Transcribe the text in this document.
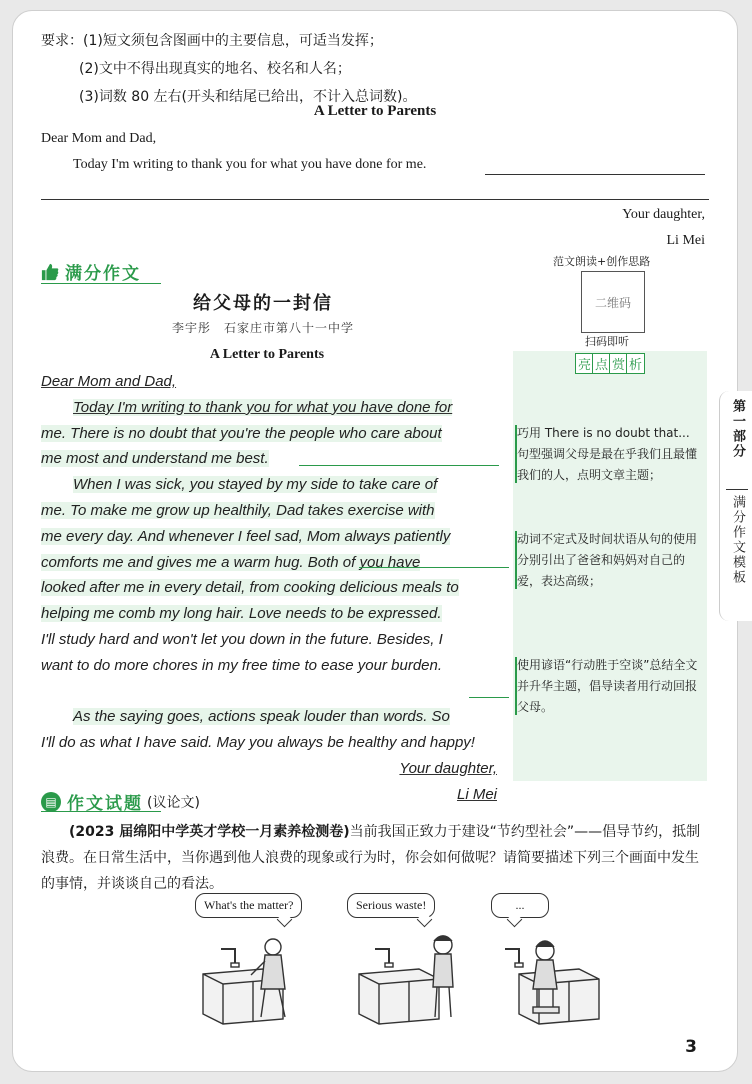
要求：(1)短文须包含图画中的主要信息，可适当发挥；
(2)文中不得出现真实的地名、校名和人名；
(3)词数 80 左右(开头和结尾已给出，不计入总词数)。
A Letter to Parents
Dear Mom and Dad,
Today I'm writing to thank you for what you have done for me.
Your daughter,
Li Mei
满分作文
范文朗读+创作思路
二维码
扫码即听
给父母的一封信
李宇彤　石家庄市第八十一中学
A Letter to Parents
亮 点 赏 析
Dear Mom and Dad,
Today I'm writing to thank you for what you have done for
me. There is no doubt that you're the people who care about
me most and understand me best.
When I was sick, you stayed by my side to take care of
me. To make me grow up healthily, Dad takes exercise with
me every day. And whenever I feel sad, Mom always patiently
comforts me and gives me a warm hug. Both of you have
looked after me in every detail, from cooking delicious meals to
helping me comb my long hair. Love needs to be expressed.
I'll study hard and won't let you down in the future. Besides, I
want to do more chores in my free time to ease your burden.
As the saying goes, actions speak louder than words. So
I'll do as what I have said. May you always be healthy and happy!
Your daughter,
Li Mei
巧用 There is no doubt that... 句型强调父母是最在乎我们且最懂我们的人，点明文章主题；
动词不定式及时间状语从句的使用分别引出了爸爸和妈妈对自己的爱，表达高级；
使用谚语“行动胜于空谈”总结全文并升华主题，倡导读者用行动回报父母。
第一部分
满分作文模板
▤ 作文试题 (议论文)
(2023 届绵阳中学英才学校一月素养检测卷)当前我国正致力于建设“节约型社会”——倡导节约，抵制浪费。在日常生活中，当你遇到他人浪费的现象或行为时，你会如何做呢？请简要描述下列三个画面中发生的事情，并谈谈自己的看法。
What's the matter?	Serious waste!	...
3
